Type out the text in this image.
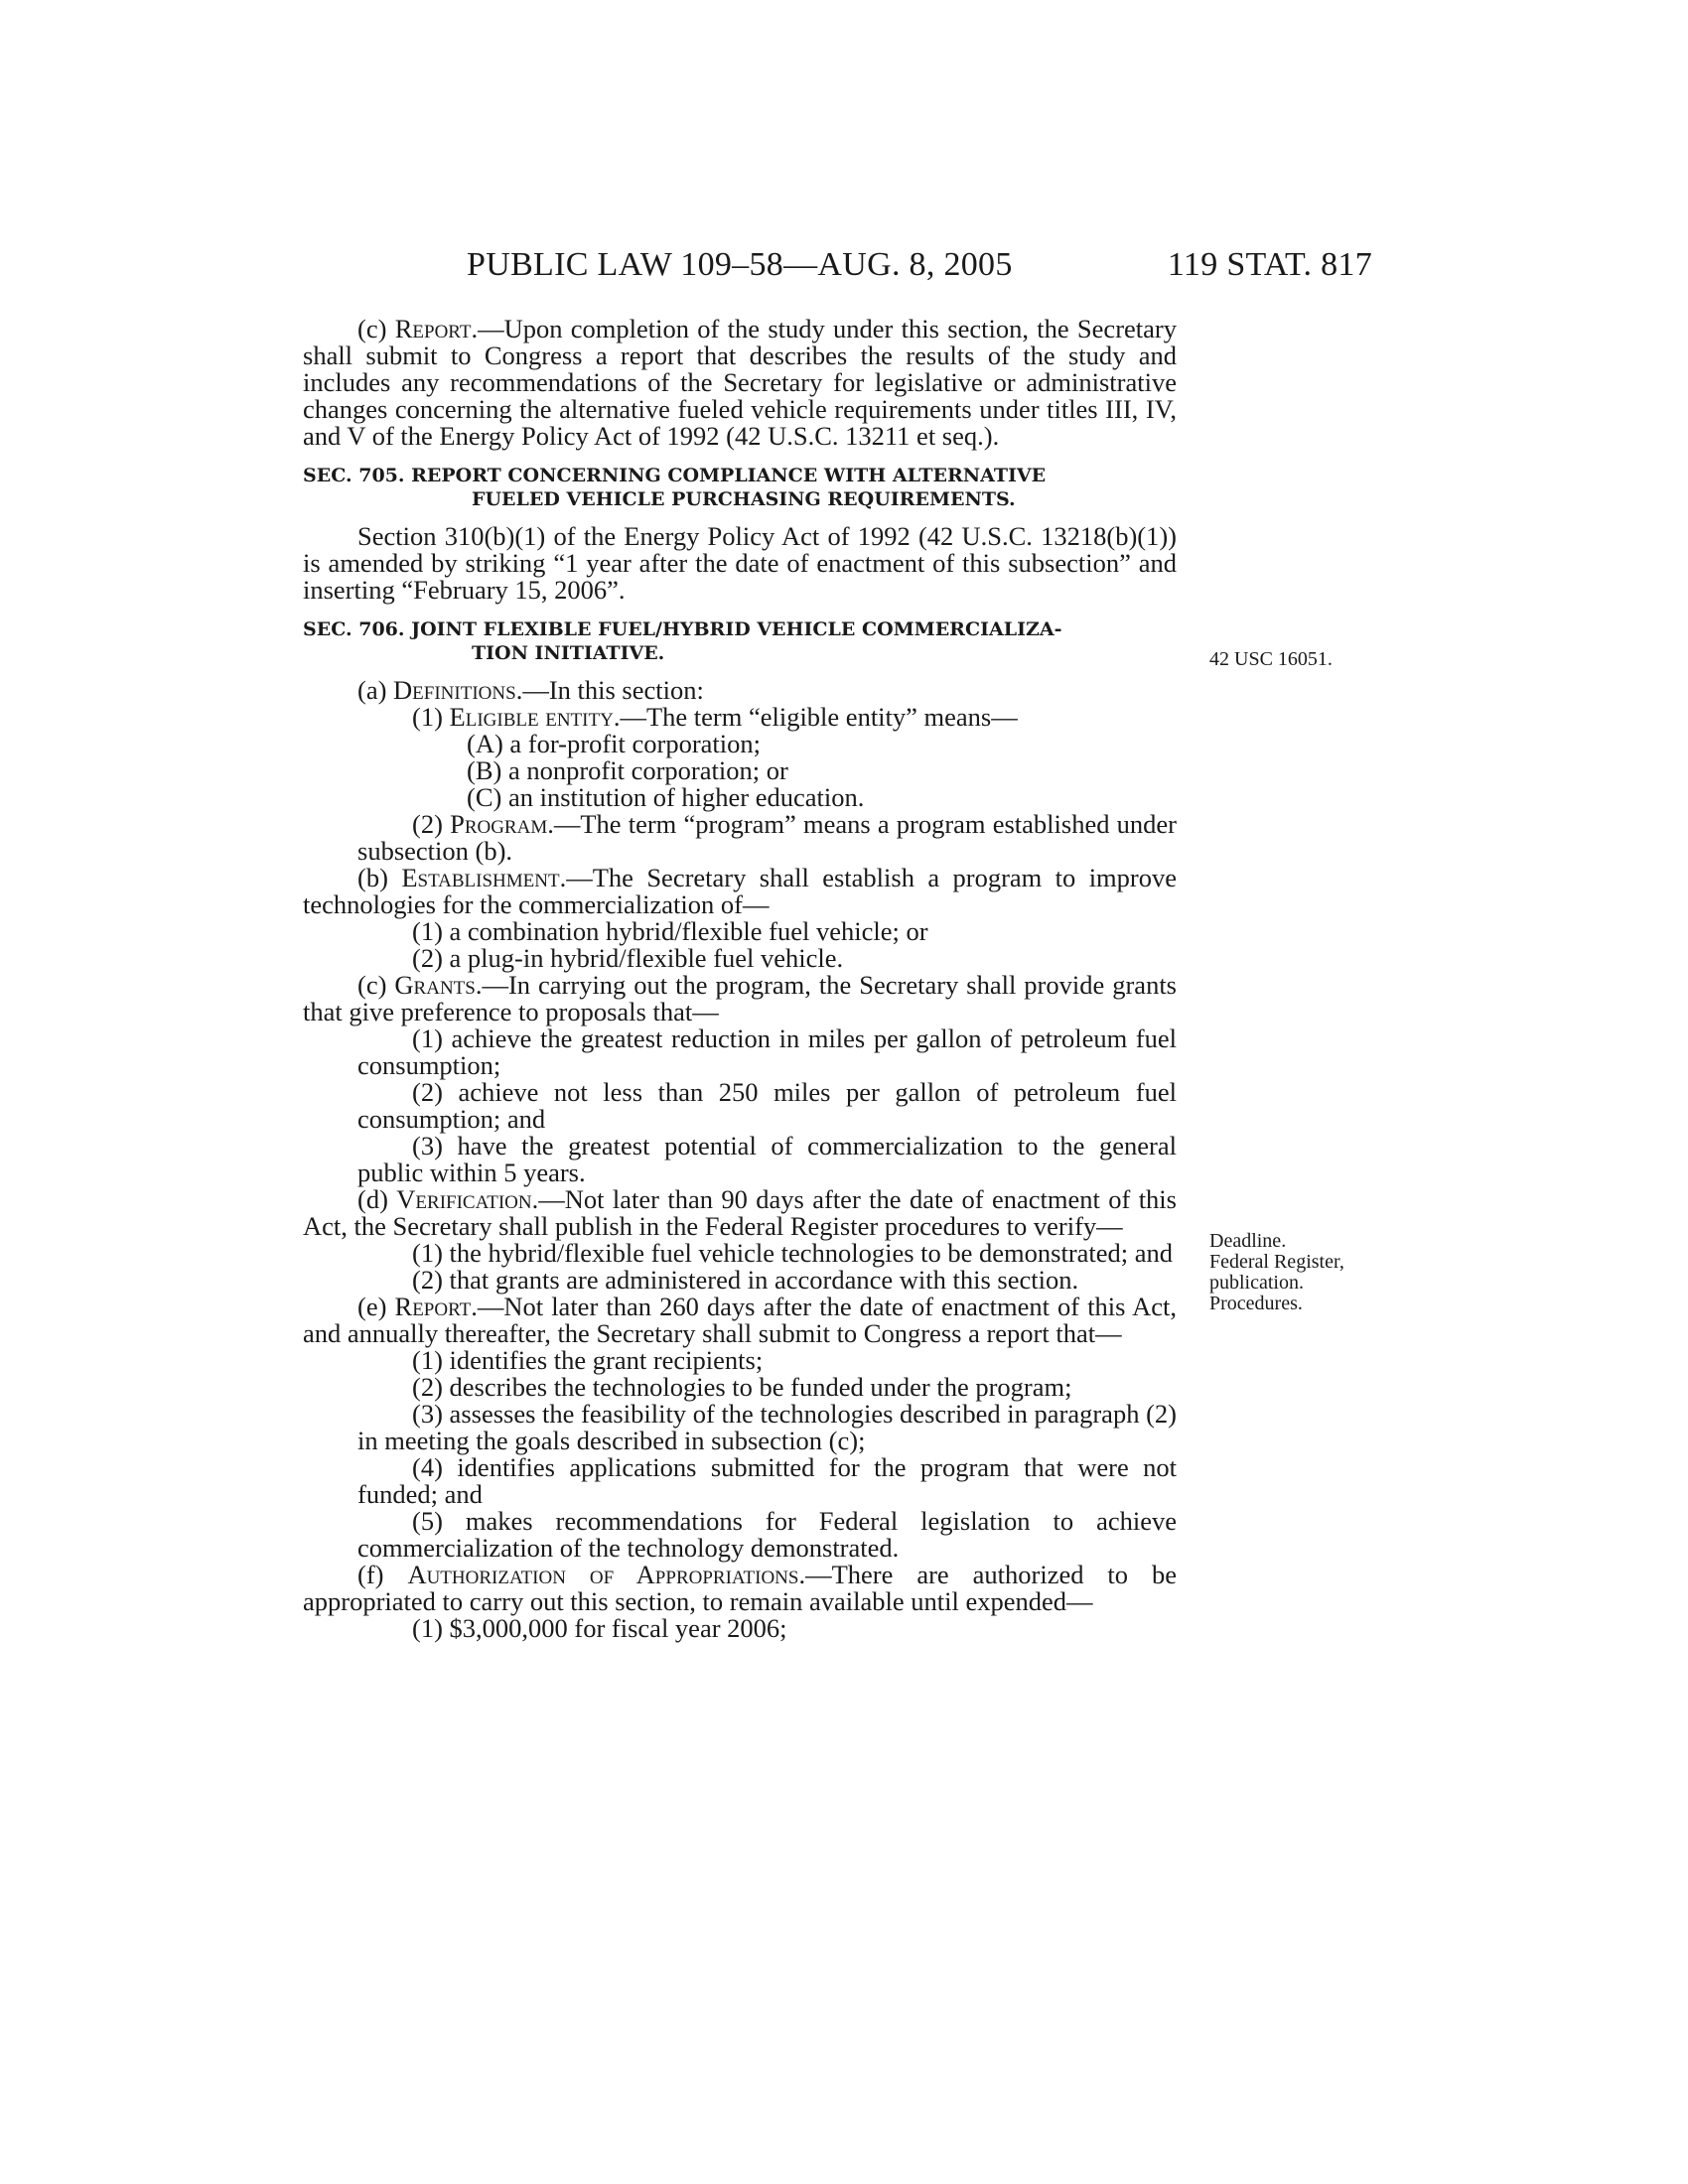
PUBLIC LAW 109–58—AUG. 8, 2005	119 STAT. 817
42 USC 16051.
Deadline.
Federal Register,
publication.
Procedures.

(c) Report.—Upon completion of the study under this section, the Secretary shall submit to Congress a report that describes the results of the study and includes any recommendations of the Secretary for legislative or administrative changes concerning the alternative fueled vehicle requirements under titles III, IV, and V of the Energy Policy Act of 1992 (42 U.S.C. 13211 et seq.).

SEC. 705. REPORT CONCERNING COMPLIANCE WITH ALTERNATIVE
FUELED VEHICLE PURCHASING REQUIREMENTS.

Section 310(b)(1) of the Energy Policy Act of 1992 (42 U.S.C. 13218(b)(1)) is amended by striking “1 year after the date of enactment of this subsection” and inserting “February 15, 2006”.

SEC. 706. JOINT FLEXIBLE FUEL/HYBRID VEHICLE COMMERCIALIZA-
TION INITIATIVE.

(a) Definitions.—In this section:

(1) Eligible entity.—The term “eligible entity” means—

(A) a for-profit corporation;

(B) a nonprofit corporation; or

(C) an institution of higher education.

(2) Program.—The term “program” means a program established under subsection (b).

(b) Establishment.—The Secretary shall establish a program to improve technologies for the commercialization of—

(1) a combination hybrid/flexible fuel vehicle; or

(2) a plug-in hybrid/flexible fuel vehicle.

(c) Grants.—In carrying out the program, the Secretary shall provide grants that give preference to proposals that—

(1) achieve the greatest reduction in miles per gallon of petroleum fuel consumption;

(2) achieve not less than 250 miles per gallon of petroleum fuel consumption; and

(3) have the greatest potential of commercialization to the general public within 5 years.

(d) Verification.—Not later than 90 days after the date of enactment of this Act, the Secretary shall publish in the Federal Register procedures to verify—

(1) the hybrid/flexible fuel vehicle technologies to be demonstrated; and

(2) that grants are administered in accordance with this section.

(e) Report.—Not later than 260 days after the date of enactment of this Act, and annually thereafter, the Secretary shall submit to Congress a report that—

(1) identifies the grant recipients;

(2) describes the technologies to be funded under the program;

(3) assesses the feasibility of the technologies described in paragraph (2) in meeting the goals described in subsection (c);

(4) identifies applications submitted for the program that were not funded; and

(5) makes recommendations for Federal legislation to achieve commercialization of the technology demonstrated.

(f) Authorization of Appropriations.—There are authorized to be appropriated to carry out this section, to remain available until expended—

(1) $3,000,000 for fiscal year 2006;
